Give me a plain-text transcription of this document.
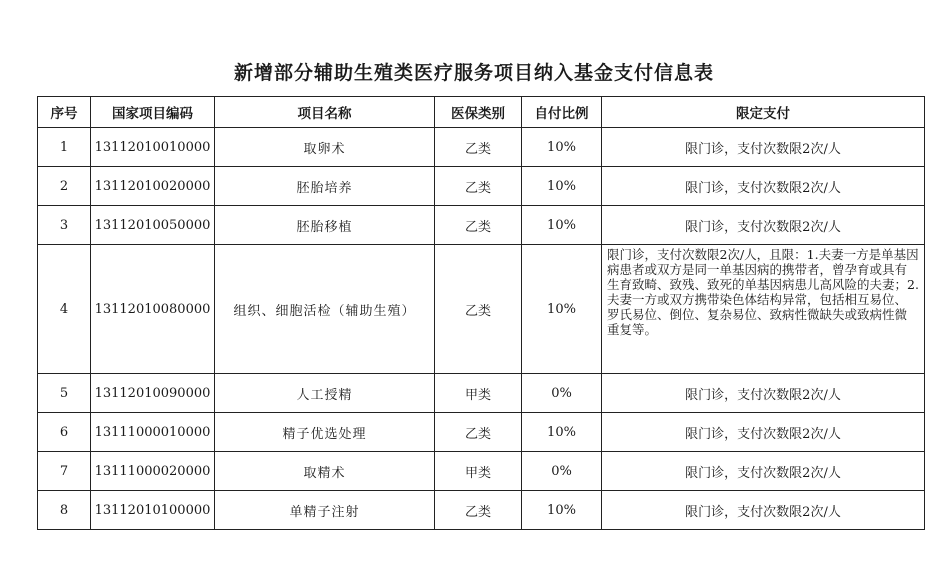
新增部分辅助生殖类医疗服务项目纳入基金支付信息表
序号	国家项目编码	项目名称	医保类别	自付比例	限定支付
1	13112010010000	取卵术	乙类	10%	限门诊，支付次数限2次/人
2	13112010020000	胚胎培养	乙类	10%	限门诊，支付次数限2次/人
3	13112010050000	胚胎移植	乙类	10%	限门诊，支付次数限2次/人
4	13112010080000	组织、细胞活检（辅助生殖）	乙类	10%	限门诊，支付次数限2次/人，且限：1.夫妻一方是单基因病患者或双方是同一单基因病的携带者，曾孕育或具有生育致畸、致残、致死的单基因病患儿高风险的夫妻；2.夫妻一方或双方携带染色体结构异常，包括相互易位、罗氏易位、倒位、复杂易位、致病性微缺失或致病性微重复等。
5	13112010090000	人工授精	甲类	0%	限门诊，支付次数限2次/人
6	13111000010000	精子优选处理	乙类	10%	限门诊，支付次数限2次/人
7	13111000020000	取精术	甲类	0%	限门诊，支付次数限2次/人
8	13112010100000	单精子注射	乙类	10%	限门诊，支付次数限2次/人
